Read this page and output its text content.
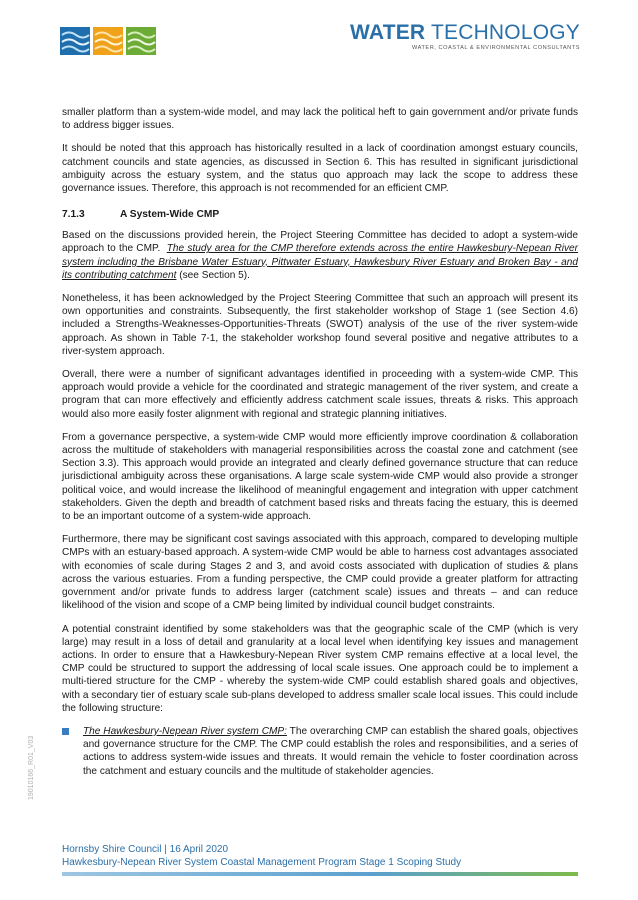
WATER TECHNOLOGY
WATER, COASTAL & ENVIRONMENTAL CONSULTANTS

smaller platform than a system-wide model, and may lack the political heft to gain government and/or private funds to address bigger issues.

It should be noted that this approach has historically resulted in a lack of coordination amongst estuary councils, catchment councils and state agencies, as discussed in Section 6. This has resulted in significant jurisdictional ambiguity across the estuary system, and the status quo approach may lack the scope to address these governance issues. Therefore, this approach is not recommended for an efficient CMP.

7.1.3	A System-Wide CMP

Based on the discussions provided herein, the Project Steering Committee has decided to adopt a system-wide approach to the CMP. The study area for the CMP therefore extends across the entire Hawkesbury-Nepean River system including the Brisbane Water Estuary, Pittwater Estuary, Hawkesbury River Estuary and Broken Bay - and its contributing catchment (see Section 5).

Nonetheless, it has been acknowledged by the Project Steering Committee that such an approach will present its own opportunities and constraints. Subsequently, the first stakeholder workshop of Stage 1 (see Section 4.6) included a Strengths-Weaknesses-Opportunities-Threats (SWOT) analysis of the use of the river system-wide approach. As shown in Table 7-1, the stakeholder workshop found several positive and negative attributes to a river-system approach.

Overall, there were a number of significant advantages identified in proceeding with a system-wide CMP. This approach would provide a vehicle for the coordinated and strategic management of the river system, and create a program that can more effectively and efficiently address catchment scale issues, threats & risks. This approach would also more easily foster alignment with regional and strategic planning initiatives.

From a governance perspective, a system-wide CMP would more efficiently improve coordination & collaboration across the multitude of stakeholders with managerial responsibilities across the coastal zone and catchment (see Section 3.3). This approach would provide an integrated and clearly defined governance structure that can reduce jurisdictional ambiguity across these organisations. A large scale system-wide CMP would also provide a stronger political voice, and would increase the likelihood of meaningful engagement and integration with upper catchment stakeholders. Given the depth and breadth of catchment based risks and threats facing the estuary, this is deemed to be an important outcome of a system-wide approach.

Furthermore, there may be significant cost savings associated with this approach, compared to developing multiple CMPs with an estuary-based approach. A system-wide CMP would be able to harness cost advantages associated with economies of scale during Stages 2 and 3, and avoid costs associated with duplication of studies & plans across the various estuaries. From a funding perspective, the CMP could provide a greater platform for attracting government and/or private funds to address larger (catchment scale) issues and threats – and can reduce likelihood of the vision and scope of a CMP being limited by individual council budget constraints.

A potential constraint identified by some stakeholders was that the geographic scale of the CMP (which is very large) may result in a loss of detail and granularity at a local level when identifying key issues and management actions. In order to ensure that a Hawkesbury-Nepean River system CMP remains effective at a local level, the CMP could be structured to support the addressing of local scale issues. One approach could be to implement a multi-tiered structure for the CMP - whereby the system-wide CMP could establish shared goals and objectives, with a secondary tier of estuary scale sub-plans developed to address smaller scale local issues. This could include the following structure:

The Hawkesbury-Nepean River system CMP: The overarching CMP can establish the shared goals, objectives and governance structure for the CMP. The CMP could establish the roles and responsibilities, and a series of actions to address system-wide issues and threats. It would remain the vehicle to foster coordination across the catchment and estuary councils and the multitude of stakeholder agencies.
19010166_R01_V03
Hornsby Shire Council | 16 April 2020
Hawkesbury-Nepean River System Coastal Management Program Stage 1 Scoping Study
